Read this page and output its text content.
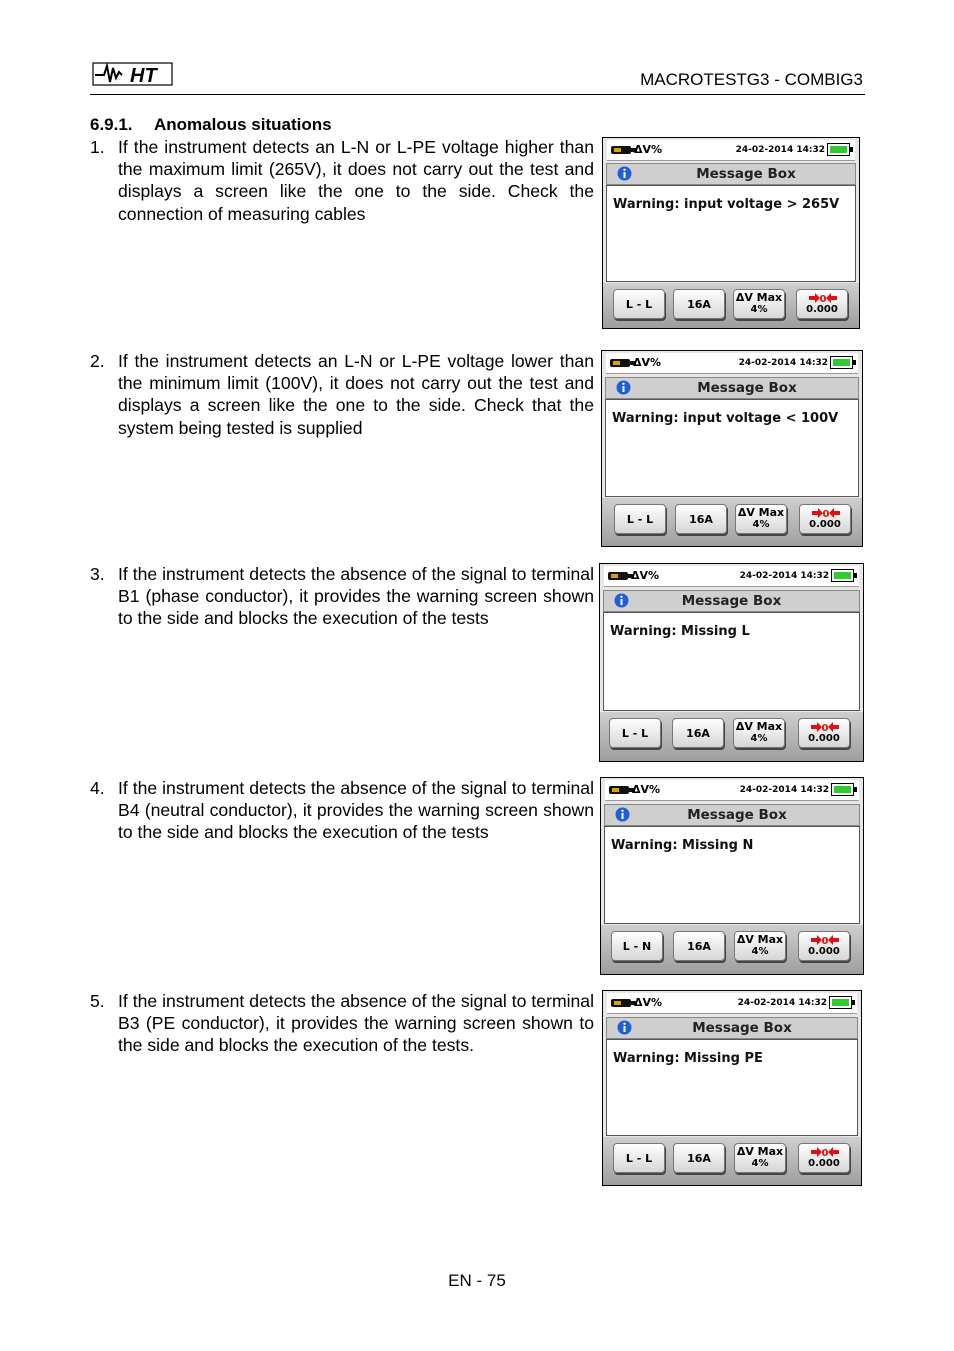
HT	MACROTESTG3 - COMBIG3
6.9.1. Anomalous situations
1. If the instrument detects an L-N or L-PE voltage higher than the maximum limit (265V), it does not carry out the test and displays a screen like the one to the side. Check the connection of measuring cables
ΔV%	24-02-2014 14:32
Message Box
Warning: input voltage > 265V
L - L	16A
ΔV Max
4%
0
0.000
2. If the instrument detects an L-N or L-PE voltage lower than the minimum limit (100V), it does not carry out the test and displays a screen like the one to the side. Check that the system being tested is supplied
ΔV%	24-02-2014 14:32
Message Box
Warning: input voltage < 100V
L - L	16A
ΔV Max
4%
0
0.000
3. If the instrument detects the absence of the signal to terminal B1 (phase conductor), it provides the warning screen shown to the side and blocks the execution of the tests
ΔV%	24-02-2014 14:32
Message Box
Warning: Missing L
L - L	16A
ΔV Max
4%
0
0.000
4. If the instrument detects the absence of the signal to terminal B4 (neutral conductor), it provides the warning screen shown to the side and blocks the execution of the tests
ΔV%	24-02-2014 14:32
Message Box
Warning: Missing N
L - N	16A
ΔV Max
4%
0
0.000
5. If the instrument detects the absence of the signal to terminal B3 (PE conductor), it provides the warning screen shown to the side and blocks the execution of the tests.
ΔV%	24-02-2014 14:32
Message Box
Warning: Missing PE
L - L	16A
ΔV Max
4%
0
0.000
EN - 75
